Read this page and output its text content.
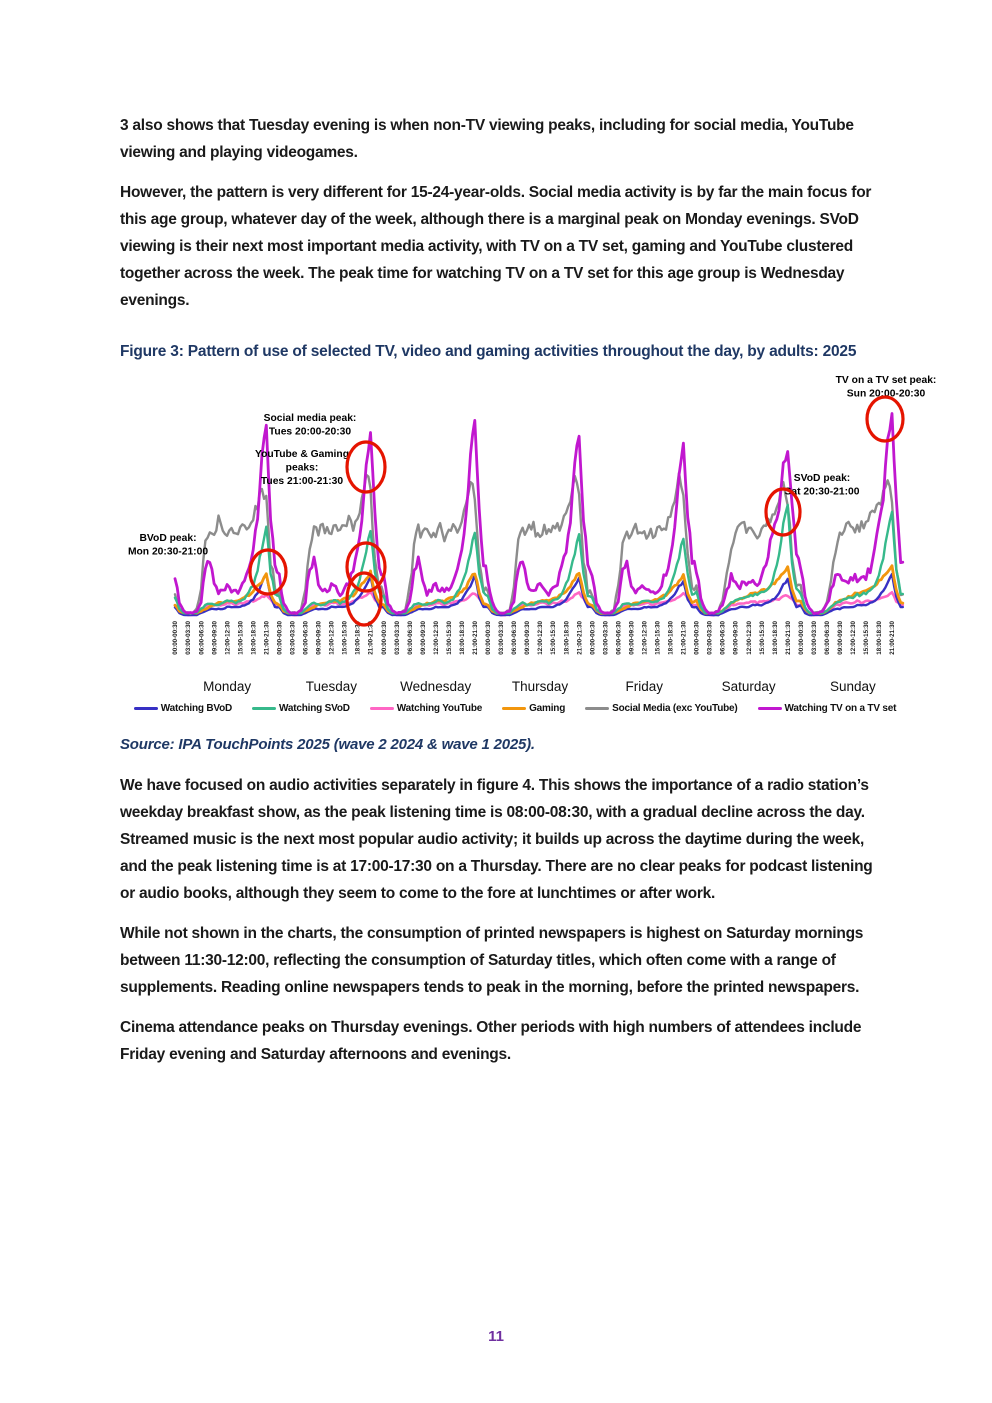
3 also shows that Tuesday evening is when non-TV viewing peaks, including for social media, YouTube viewing and playing videogames.

However, the pattern is very different for 15-24-year-olds. Social media activity is by far the main focus for this age group, whatever day of the week, although there is a marginal peak on Monday evenings. SVoD viewing is their next most important media activity, with TV on a TV set, gaming and YouTube clustered together across the week. The peak time for watching TV on a TV set for this age group is Wednesday evenings.

Figure 3: Pattern of use of selected TV, video and gaming activities throughout the day, by adults: 2025
00:00-00:30 03:00-03:30 06:00-06:30 09:00-09:30 12:00-12:30 15:00-15:30 18:00-18:30 21:00-21:30
Monday
00:00-00:30 03:00-03:30 06:00-06:30 09:00-09:30 12:00-12:30 15:00-15:30 18:00-18:30 21:00-21:30
Tuesday
00:00-00:30 03:00-03:30 06:00-06:30 09:00-09:30 12:00-12:30 15:00-15:30 18:00-18:30 21:00-21:30
Wednesday
00:00-00:30 03:00-03:30 06:00-06:30 09:00-09:30 12:00-12:30 15:00-15:30 18:00-18:30 21:00-21:30
Thursday
00:00-00:30 03:00-03:30 06:00-06:30 09:00-09:30 12:00-12:30 15:00-15:30 18:00-18:30 21:00-21:30
Friday
00:00-00:30 03:00-03:30 06:00-06:30 09:00-09:30 12:00-12:30 15:00-15:30 18:00-18:30 21:00-21:30
Saturday
00:00-00:30 03:00-03:30 06:00-06:30 09:00-09:30 12:00-12:30 15:00-15:30 18:00-18:30 21:00-21:30
Sunday
Social media peak: Tues 20:00-20:30
YouTube & Gaming peaks: Tues 21:00-21:30
BVoD peak: Mon 20:30-21:00
SVoD peak: Sat 20:30-21:00
TV on a TV set peak: Sun 20:00-20:30
Watching BVoD	Watching SVoD	Watching YouTube	Gaming	Social Media (exc YouTube)	Watching TV on a TV set

Source: IPA TouchPoints 2025 (wave 2 2024 & wave 1 2025).

We have focused on audio activities separately in figure 4. This shows the importance of a radio station’s weekday breakfast show, as the peak listening time is 08:00-08:30, with a gradual decline across the day. Streamed music is the next most popular audio activity; it builds up across the daytime during the week, and the peak listening time is at 17:00-17:30 on a Thursday. There are no clear peaks for podcast listening or audio books, although they seem to come to the fore at lunchtimes or after work.

While not shown in the charts, the consumption of printed newspapers is highest on Saturday mornings between 11:30-12:00, reflecting the consumption of Saturday titles, which often come with a range of supplements. Reading online newspapers tends to peak in the morning, before the printed newspapers.

Cinema attendance peaks on Thursday evenings. Other periods with high numbers of attendees include Friday evening and Saturday afternoons and evenings.

11
